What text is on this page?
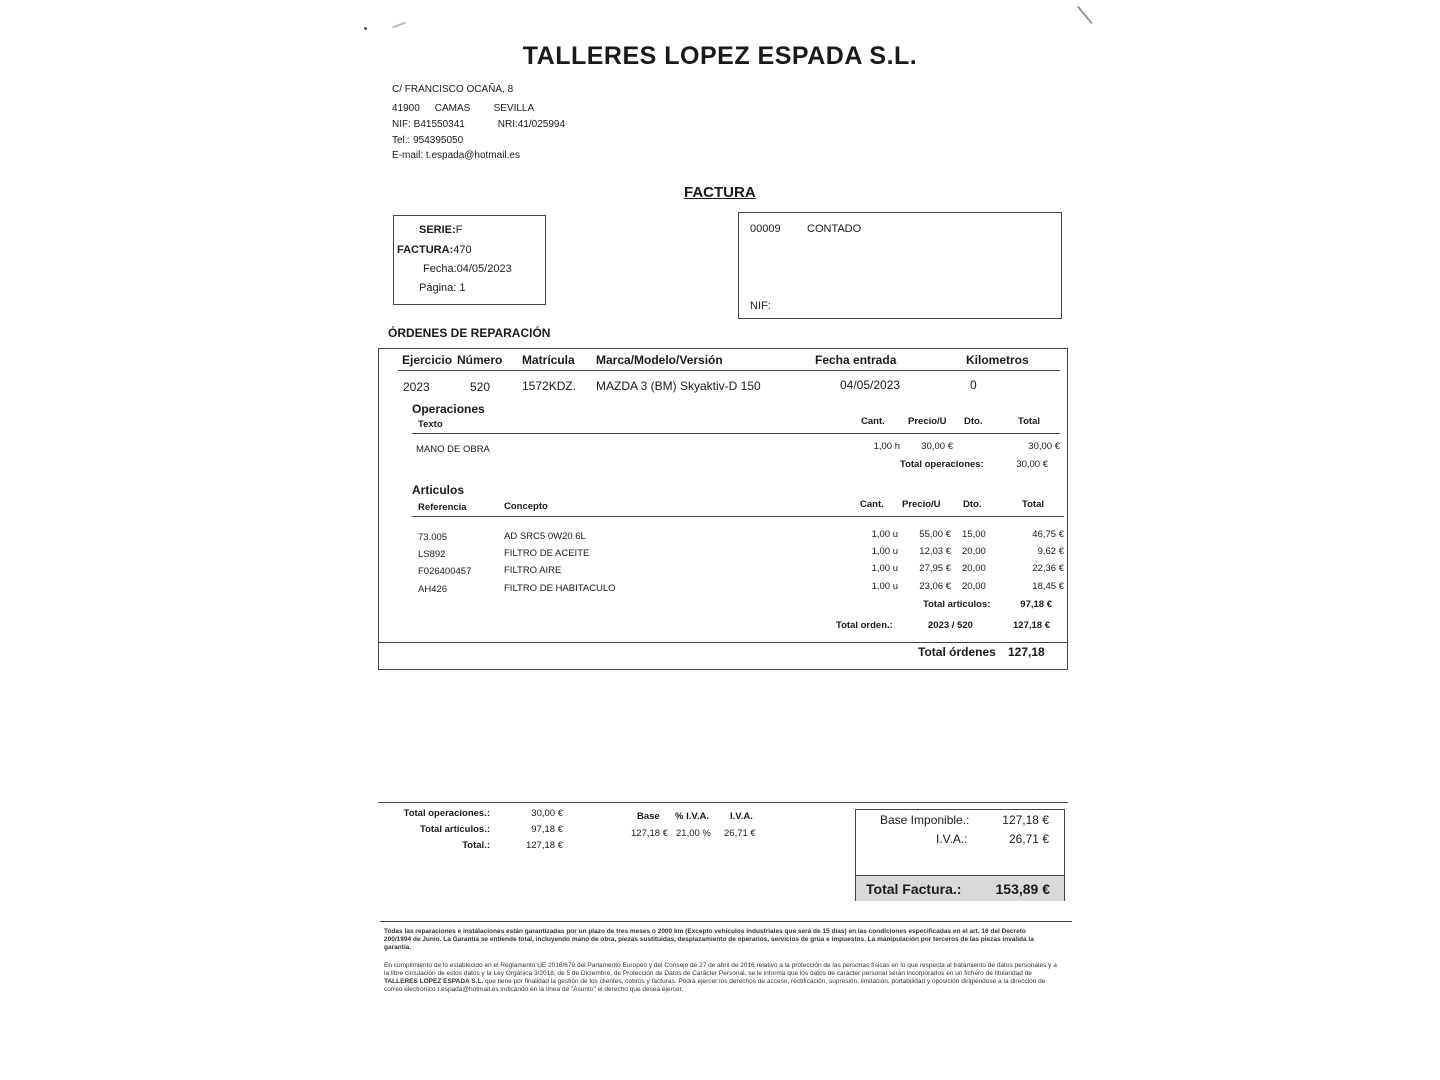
TALLERES LOPEZ ESPADA S.L.
C/ FRANCISCO OCAÑA, 8
41900 CAMAS SEVILLA
NIF: B41550341	NRI:41/025994
Tel.: 954395050
E-mail: t.espada@hotmail.es
FACTURA
SERIE:F
FACTURA:470
Fecha:04/05/2023
Página: 1
00009 CONTADO
NIF:
ÓRDENES DE REPARACIÓN
Ejercicio Número Matrícula Marca/Modelo/Versión	Fecha entrada	Kilometros
2023	520	1572KDZ. MAZDA 3 (BM) Skyaktiv-D 150	04/05/2023	0
Operaciones
Texto	Cant. Precio/U Dto.	Total
MANO DE OBRA	1,00 h	30,00 €	30,00 €
Total operaciones:	30,00 €
Articulos
Referencia	Concepto	Cant. Precio/U Dto.	Total
73.005	AD SRC5 0W20 6L	1,00 u	55,00 € 15,00	46,75 €
LS892	FILTRO DE ACEITE	1,00 u	12,03 € 20,00	9,62 €
F026400457	FILTRO AIRE	1,00 u	27,95 € 20,00	22,36 €
AH426	FILTRO DE HABITACULO	1,00 u	23,06 € 20,00	18,45 €
Total articulos:	97,18 €
Total orden.:	2023 / 520	127,18 €
Total órdenes 127,18
Total operaciones.:	30,00 €
Total articulos.:	97,18 €
Total.:	127,18 €
Base % I.V.A. I.V.A.
127,18 € 21,00 % 26,71 €
Base Imponible.:	127,18 €
I.V.A.:	26,71 €
Total Factura.:	153,89 €
Todas las reparaciones e instalaciones están garantizadas por un plazo de tres meses o 2000 km (Excepto vehículos industriales que será de 15 días) en las condiciones especificadas en el art. 16 del Decreto 200/1994 de Junio. La Garantía se entiende total, incluyendo mano de obra, piezas sustituidas, desplazamiento de operarios, servicios de grúa e impuestos. La manipulación por terceros de las piezas invalida la garantía.
En cumplimiento de lo establecido en el Reglamento UE 2016/679 del Parlamento Europeo y del Consejo de 27 de abril de 2016 relativo a la protección de las personas físicas en lo que respecta al tratamiento de datos personales y a la libre circulación de estos datos y la Ley Orgánica 3/2018, de 5 de Diciembre, de Protección de Datos de Carácter Personal, se le informa que los datos de carácter personal serán incorporados en un fichero de titularidad de TALLERES LOPEZ ESPADA S.L. que tiene por finalidad la gestión de los clientes, cobros y facturas. Podrá ejercer los derechos de acceso, rectificación, supresión, limitación, portabilidad y oposición dirigiéndose a la dirección de correo electrónico t.espada@hotmail.es indicando en la línea de "Asunto" el derecho que desea ejercer.
